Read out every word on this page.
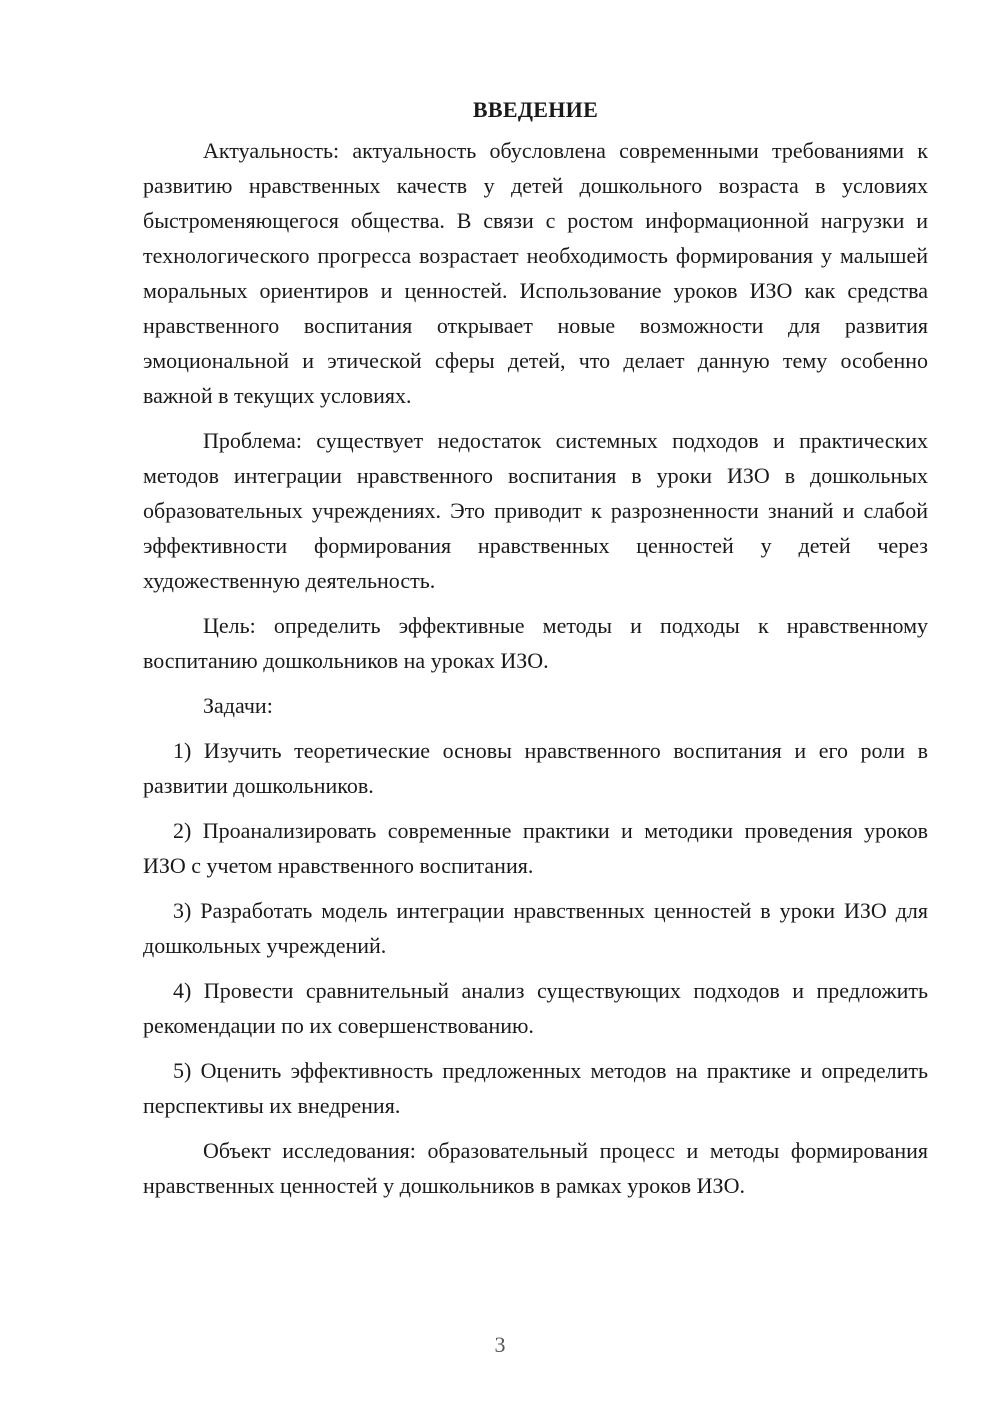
ВВЕДЕНИЕ

Актуальность: актуальность обусловлена современными требованиями к развитию нравственных качеств у детей дошкольного возраста в условиях быстроменяющегося общества. В связи с ростом информационной нагрузки и технологического прогресса возрастает необходимость формирования у малышей моральных ориентиров и ценностей. Использование уроков ИЗО как средства нравственного воспитания открывает новые возможности для развития эмоциональной и этической сферы детей, что делает данную тему особенно важной в текущих условиях.

Проблема: существует недостаток системных подходов и практических методов интеграции нравственного воспитания в уроки ИЗО в дошкольных образовательных учреждениях. Это приводит к разрозненности знаний и слабой эффективности формирования нравственных ценностей у детей через художественную деятельность.

Цель: определить эффективные методы и подходы к нравственному воспитанию дошкольников на уроках ИЗО.

Задачи:

1) Изучить теоретические основы нравственного воспитания и его роли в развитии дошкольников.

2) Проанализировать современные практики и методики проведения уроков ИЗО с учетом нравственного воспитания.

3) Разработать модель интеграции нравственных ценностей в уроки ИЗО для дошкольных учреждений.

4) Провести сравнительный анализ существующих подходов и предложить рекомендации по их совершенствованию.

5) Оценить эффективность предложенных методов на практике и определить перспективы их внедрения.

Объект исследования: образовательный процесс и методы формирования нравственных ценностей у дошкольников в рамках уроков ИЗО.

3
